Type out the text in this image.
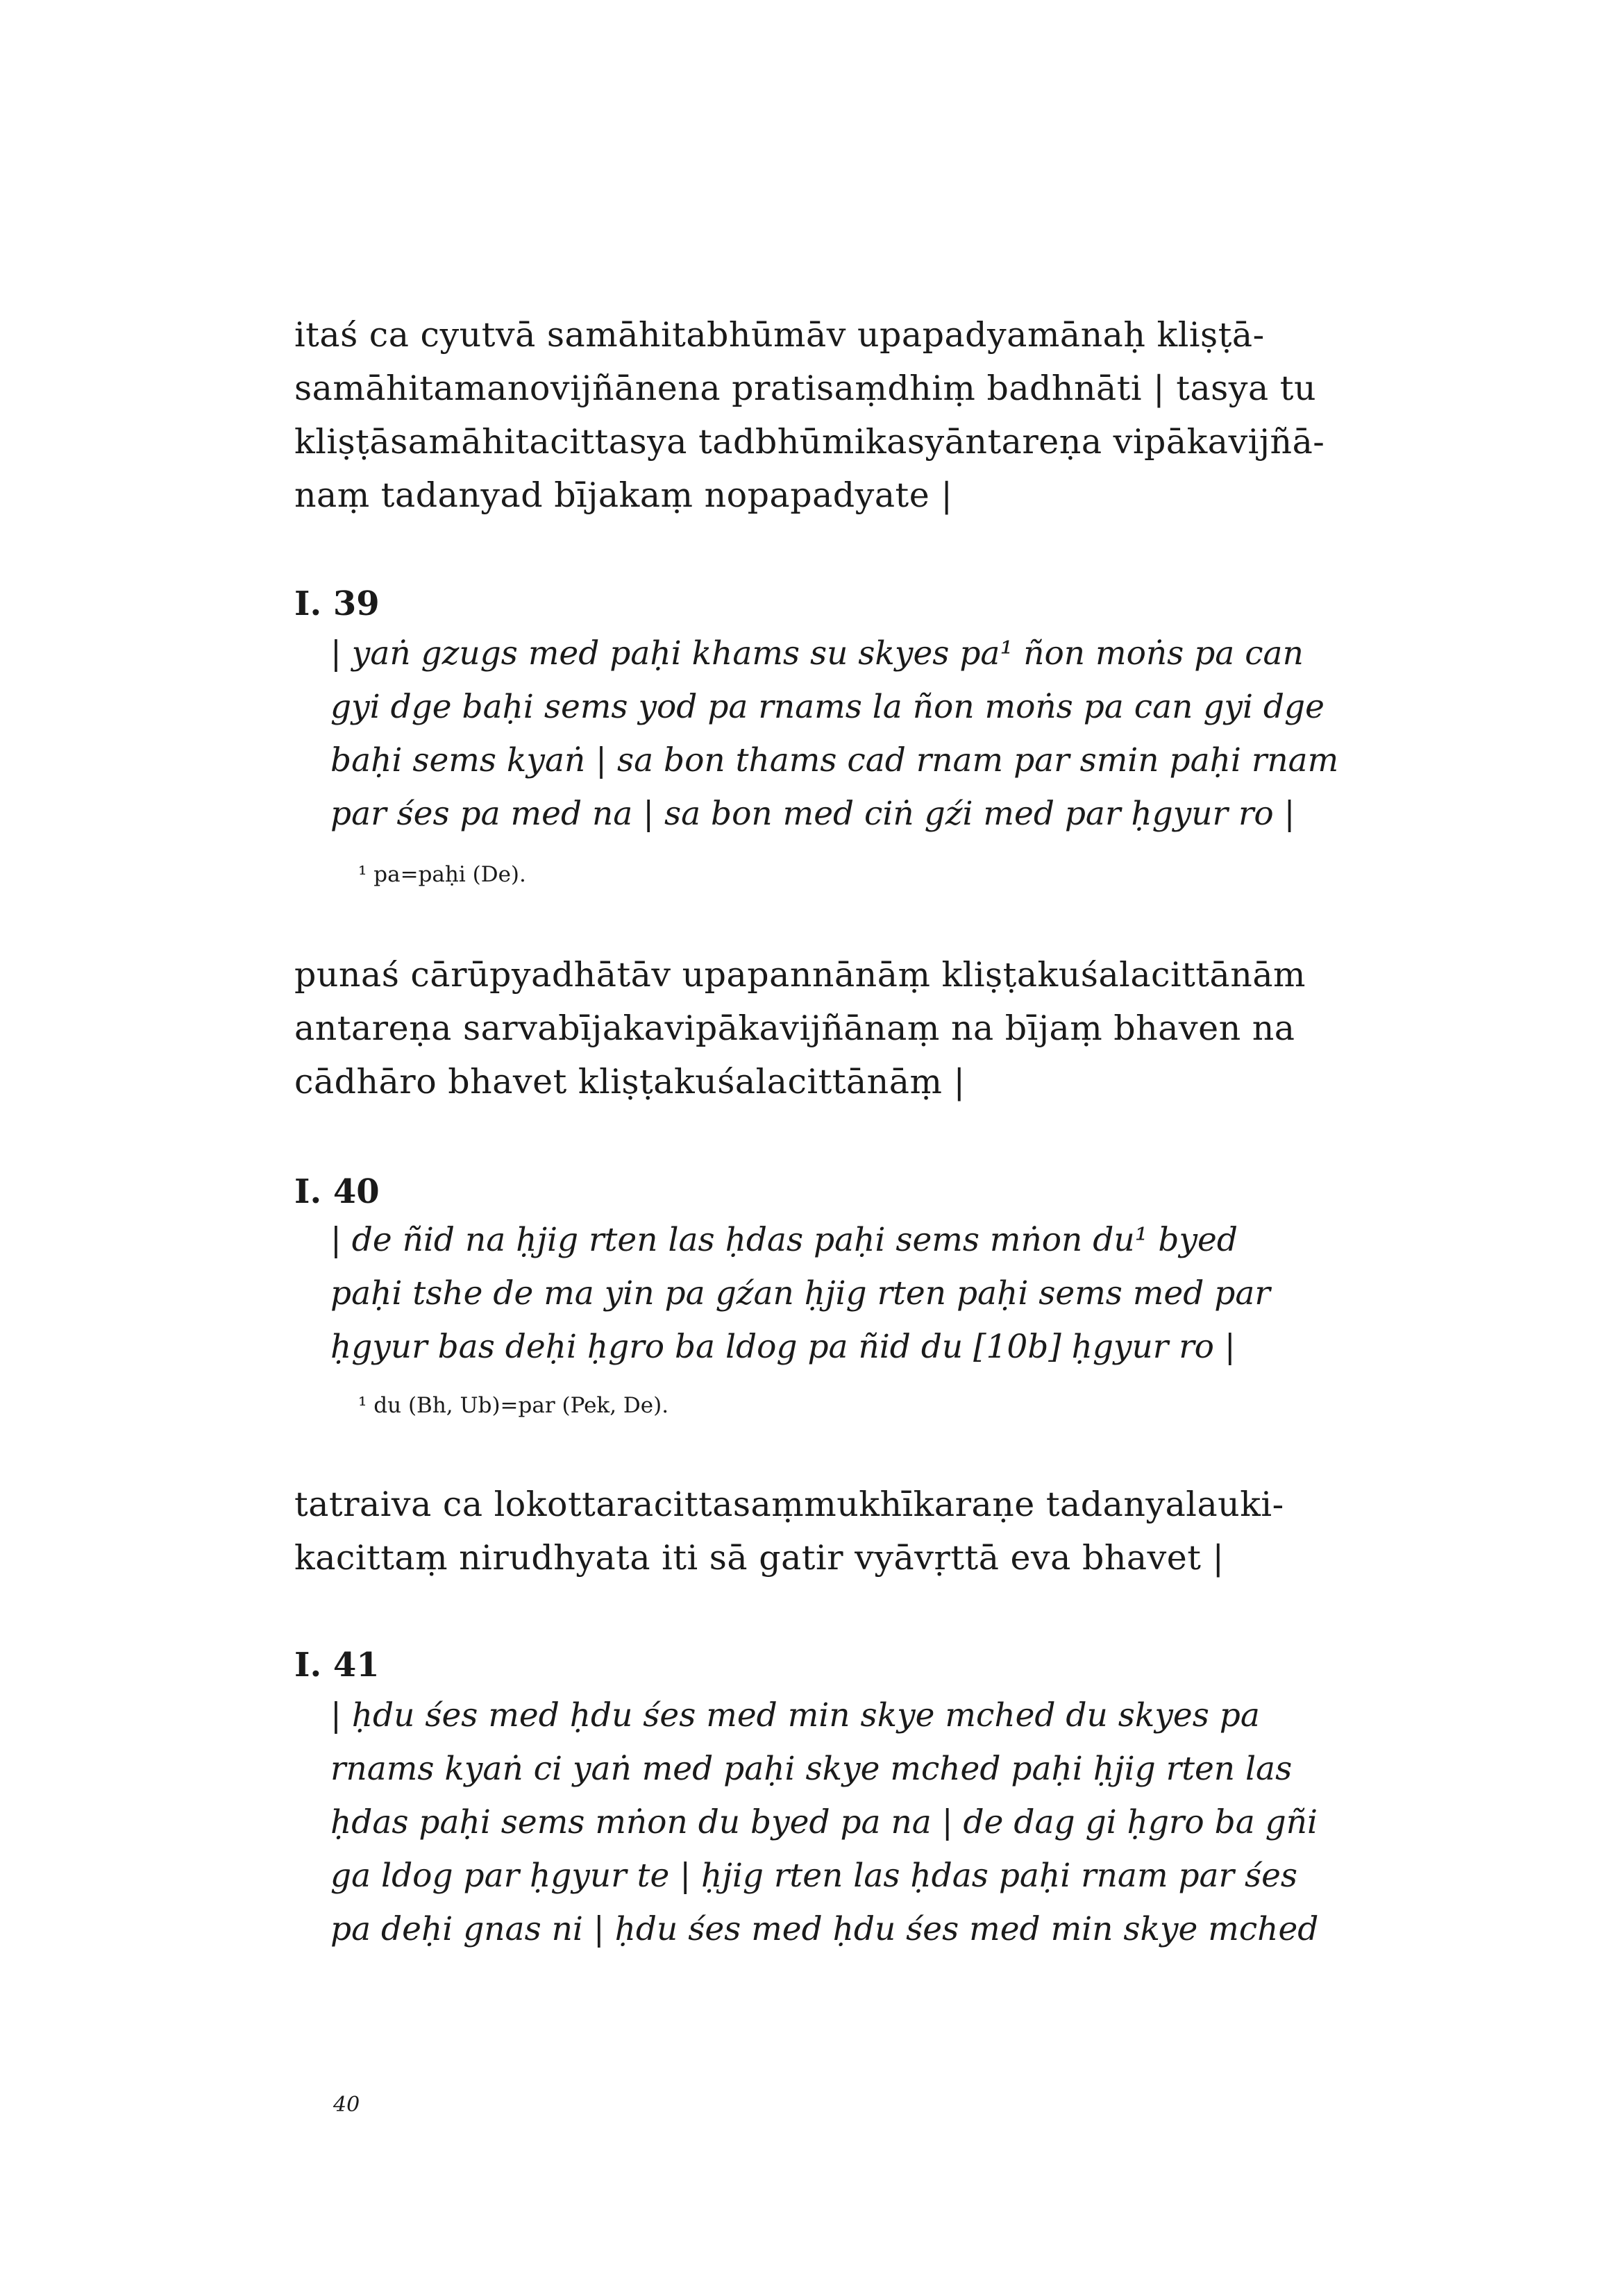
itaś ca cyutvā samāhitabhūmāv upapadyamānaḥ kliṣṭā-
samāhitamanovijñānena pratisaṃdhiṃ badhnāti | tasya tu
kliṣṭāsamāhitacittasya tadbhūmikasyāntareṇa vipākavijñā-
naṃ tadanyad bījakaṃ nopapadyate |
I. 39
| yaṅ gzugs med paḥi khams su skyes pa¹ ñon moṅs pa can
gyi dge baḥi sems yod pa rnams la ñon moṅs pa can gyi dge
baḥi sems kyaṅ | sa bon thams cad rnam par smin paḥi rnam
par śes pa med na | sa bon med ciṅ gźi med par ḥgyur ro |
¹ pa=paḥi (De).
punaś cārūpyadhātāv upapannānāṃ kliṣṭakuśalacittānām
antareṇa sarvabījakavipākavijñānaṃ na bījaṃ bhaven na
cādhāro bhavet kliṣṭakuśalacittānāṃ |
I. 40
| de ñid na ḥjig rten las ḥdas paḥi sems mṅon du¹ byed
paḥi tshe de ma yin pa gźan ḥjig rten paḥi sems med par
ḥgyur bas deḥi ḥgro ba ldog pa ñid du [10b] ḥgyur ro |
¹ du (Bh, Ub)=par (Pek, De).
tatraiva ca lokottaracittasaṃmukhīkaraṇe tadanyalauki-
kacittaṃ nirudhyata iti sā gatir vyāvṛttā eva bhavet |
I. 41
| ḥdu śes med ḥdu śes med min skye mched du skyes pa
rnams kyaṅ ci yaṅ med paḥi skye mched paḥi ḥjig rten las
ḥdas paḥi sems mṅon du byed pa na | de dag gi ḥgro ba gñi
ga ldog par ḥgyur te | ḥjig rten las ḥdas paḥi rnam par śes
pa deḥi gnas ni | ḥdu śes med ḥdu śes med min skye mched
40
